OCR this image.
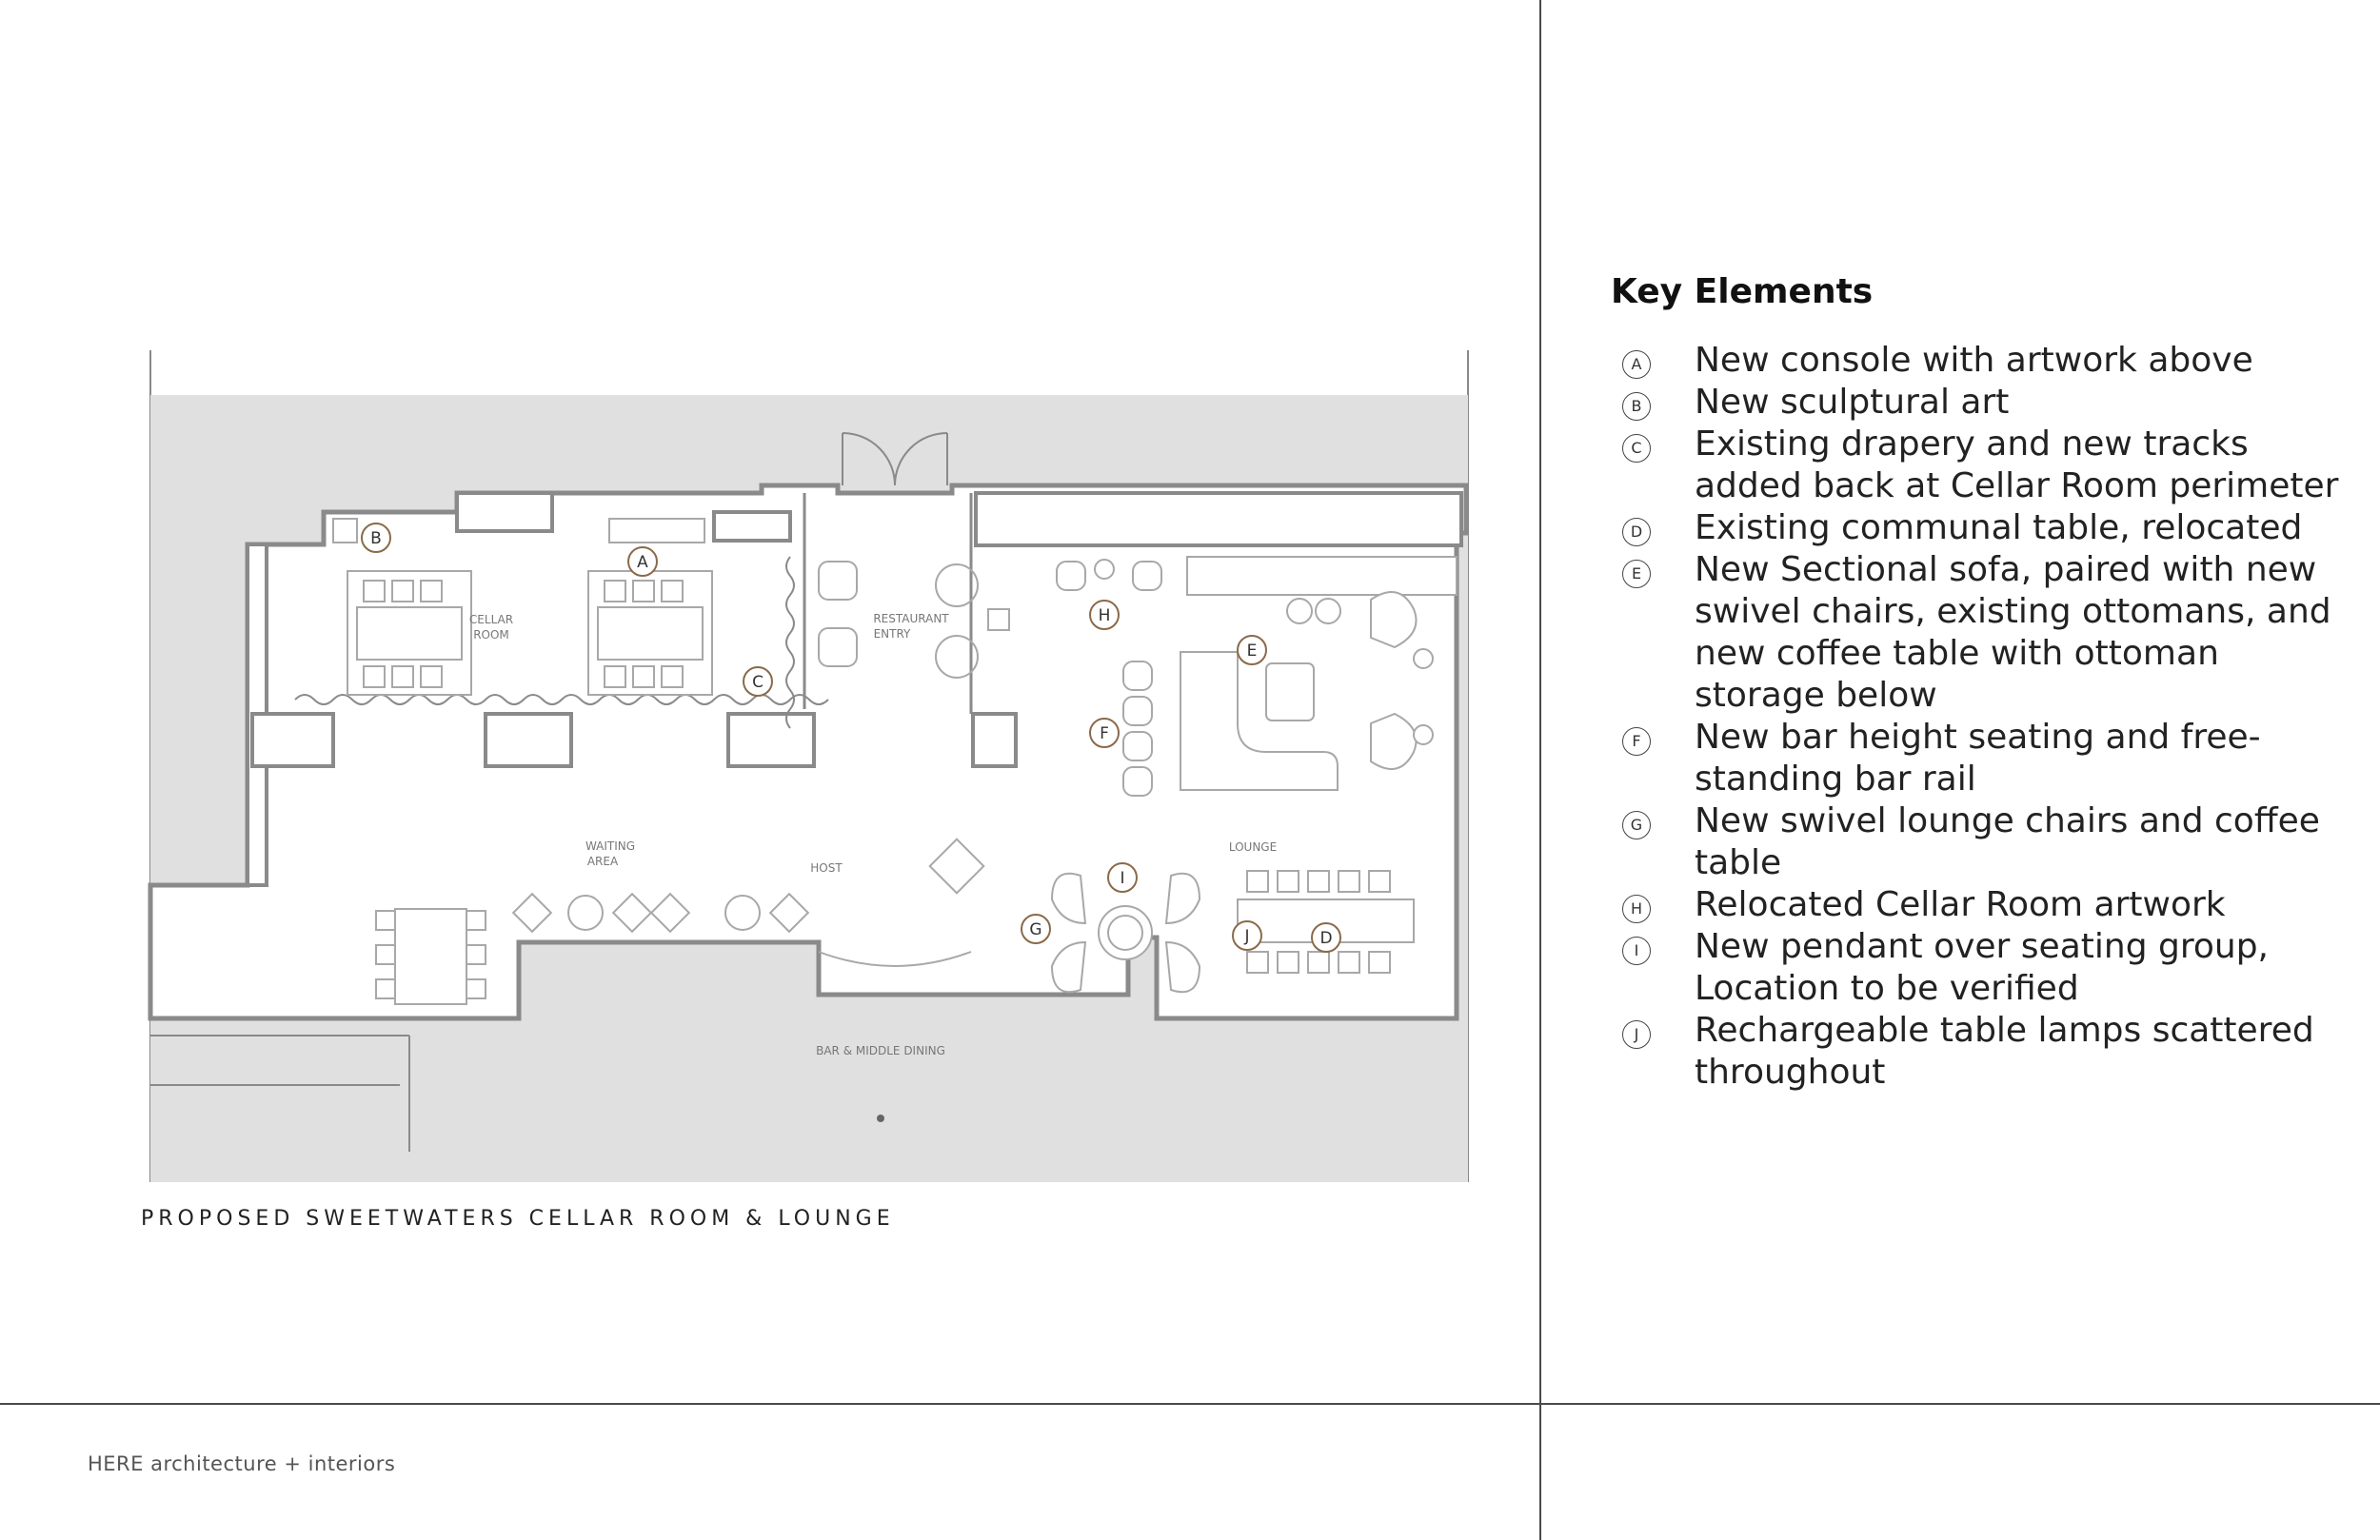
CELLAR
ROOM
RESTAURANT
ENTRY
WAITING
AREA	HOST
LOUNGE
BAR & MIDDLE DINING
A
B
C
D
E
F
G
H
I
J
PROPOSED SWEETWATERS CELLAR ROOM & LOUNGE
Key Elements
A New console with artwork above
B New sculptural art
C Existing drapery and new tracks added back at Cellar Room perimeter
D Existing communal table, relocated
E New Sectional sofa, paired with new swivel chairs, existing ottomans, and new coffee table with ottoman storage below
F New bar height seating and free-standing bar rail
G New swivel lounge chairs and coffee table
H Relocated Cellar Room artwork
I	New pendant over seating group, Location to be verified
J	Rechargeable table lamps scattered throughout
HERE architecture + interiors
